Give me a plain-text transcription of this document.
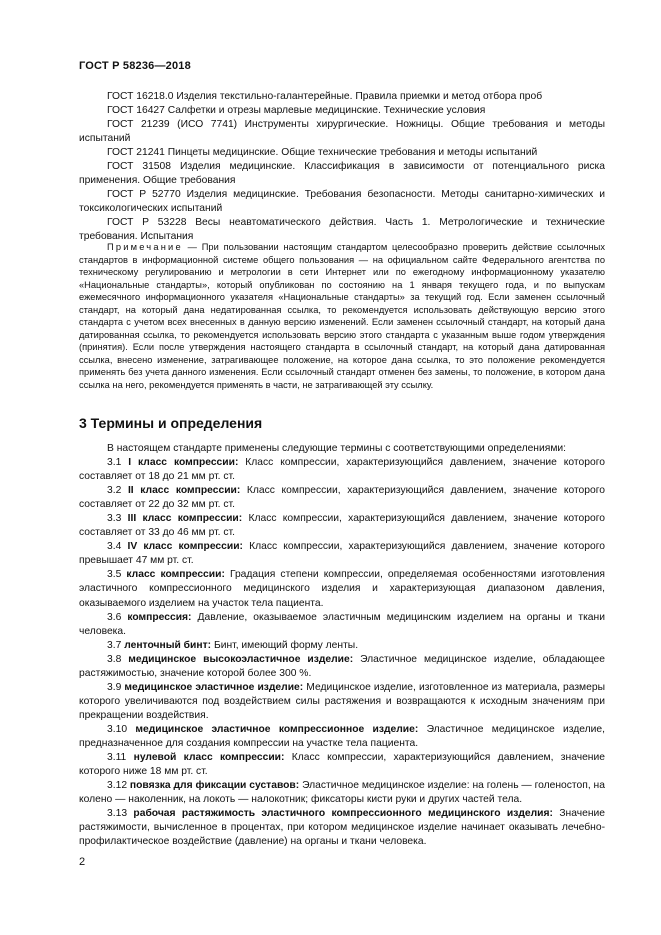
ГОСТ Р 58236—2018

ГОСТ 16218.0 Изделия текстильно-галантерейные. Правила приемки и метод отбора проб

ГОСТ 16427 Салфетки и отрезы марлевые медицинские. Технические условия

ГОСТ 21239 (ИСО 7741) Инструменты хирургические. Ножницы. Общие требования и методы испытаний

ГОСТ 21241 Пинцеты медицинские. Общие технические требования и методы испытаний

ГОСТ 31508 Изделия медицинские. Классификация в зависимости от потенциального риска применения. Общие требования

ГОСТ Р 52770 Изделия медицинские. Требования безопасности. Методы санитарно-химических и токсикологических испытаний

ГОСТ Р 53228 Весы неавтоматического действия. Часть 1. Метрологические и технические требования. Испытания

Примечание — При пользовании настоящим стандартом целесообразно проверить действие ссылочных стандартов в информационной системе общего пользования — на официальном сайте Федерального агентства по техническому регулированию и метрологии в сети Интернет или по ежегодному информационному указателю «Национальные стандарты», который опубликован по состоянию на 1 января текущего года, и по выпускам ежемесячного информационного указателя «Национальные стандарты» за текущий год. Если заменен ссылочный стандарт, на который дана недатированная ссылка, то рекомендуется использовать действующую версию этого стандарта с учетом всех внесенных в данную версию изменений. Если заменен ссылочный стандарт, на который дана датированная ссылка, то рекомендуется использовать версию этого стандарта с указанным выше годом утверждения (принятия). Если после утверждения настоящего стандарта в ссылочный стандарт, на который дана датированная ссылка, внесено изменение, затрагивающее положение, на которое дана ссылка, то это положение рекомендуется применять без учета данного изменения. Если ссылочный стандарт отменен без замены, то положение, в котором дана ссылка на него, рекомендуется применять в части, не затрагивающей эту ссылку.

3 Термины и определения

В настоящем стандарте применены следующие термины с соответствующими определениями:

3.1 I класс компрессии: Класс компрессии, характеризующийся давлением, значение которого составляет от 18 до 21 мм рт. ст.

3.2 II класс компрессии: Класс компрессии, характеризующийся давлением, значение которого составляет от 22 до 32 мм рт. ст.

3.3 III класс компрессии: Класс компрессии, характеризующийся давлением, значение которого составляет от 33 до 46 мм рт. ст.

3.4 IV класс компрессии: Класс компрессии, характеризующийся давлением, значение которого превышает 47 мм рт. ст.

3.5 класс компрессии: Градация степени компрессии, определяемая особенностями изготовления эластичного компрессионного медицинского изделия и характеризующая диапазоном давления, оказываемого изделием на участок тела пациента.

3.6 компрессия: Давление, оказываемое эластичным медицинским изделием на органы и ткани человека.

3.7 ленточный бинт: Бинт, имеющий форму ленты.

3.8 медицинское высокоэластичное изделие: Эластичное медицинское изделие, обладающее растяжимостью, значение которой более 300 %.

3.9 медицинское эластичное изделие: Медицинское изделие, изготовленное из материала, размеры которого увеличиваются под воздействием силы растяжения и возвращаются к исходным значениям при прекращении воздействия.

3.10 медицинское эластичное компрессионное изделие: Эластичное медицинское изделие, предназначенное для создания компрессии на участке тела пациента.

3.11 нулевой класс компрессии: Класс компрессии, характеризующийся давлением, значение которого ниже 18 мм рт. ст.

3.12 повязка для фиксации суставов: Эластичное медицинское изделие: на голень — голеностоп, на колено — наколенник, на локоть — налокотник; фиксаторы кисти руки и других частей тела.

3.13 рабочая растяжимость эластичного компрессионного медицинского изделия: Значение растяжимости, вычисленное в процентах, при котором медицинское изделие начинает оказывать лечебно-профилактическое воздействие (давление) на органы и ткани человека.

2
